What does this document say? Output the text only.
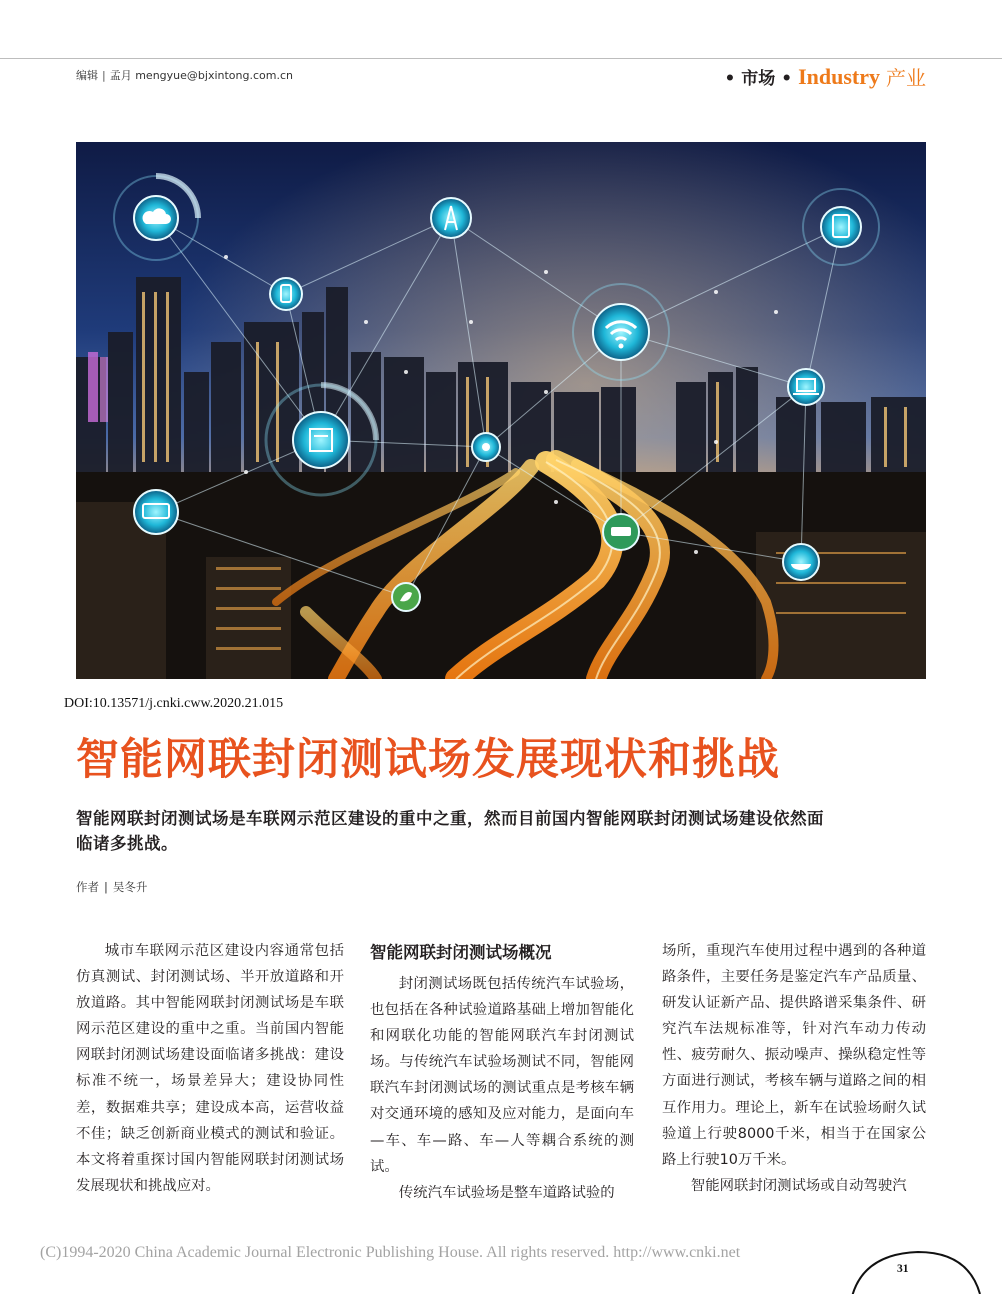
编辑 | 孟月 mengyue@bjxintong.com.cn	• 市场 • Industry 产业
DOI:10.13571/j.cnki.cww.2020.21.015
智能网联封闭测试场发展现状和挑战
智能网联封闭测试场是车联网示范区建设的重中之重，然而目前国内智能网联封闭测试场建设依然面临诸多挑战。
作者 | 吴冬升

城市车联网示范区建设内容通常包括仿真测试、封闭测试场、半开放道路和开放道路。其中智能网联封闭测试场是车联网示范区建设的重中之重。当前国内智能网联封闭测试场建设面临诸多挑战：建设标准不统一，场景差异大；建设协同性差，数据难共享；建设成本高，运营收益不佳；缺乏创新商业模式的测试和验证。本文将着重探讨国内智能网联封闭测试场发展现状和挑战应对。

智能网联封闭测试场概况

封闭测试场既包括传统汽车试验场，也包括在各种试验道路基础上增加智能化和网联化功能的智能网联汽车封闭测试场。与传统汽车试验场测试不同，智能网联汽车封闭测试场的测试重点是考核车辆对交通环境的感知及应对能力，是面向车—车、车—路、车—人等耦合系统的测试。

传统汽车试验场是整车道路试验的

场所，重现汽车使用过程中遇到的各种道路条件，主要任务是鉴定汽车产品质量、研发认证新产品、提供路谱采集条件、研究汽车法规标准等，针对汽车动力传动性、疲劳耐久、振动噪声、操纵稳定性等方面进行测试，考核车辆与道路之间的相互作用力。理论上，新车在试验场耐久试验道上行驶8000千米，相当于在国家公路上行驶10万千米。

智能网联封闭测试场或自动驾驶汽

(C)1994-2020 China Academic Journal Electronic Publishing House. All rights reserved. http://www.cnki.net
31
